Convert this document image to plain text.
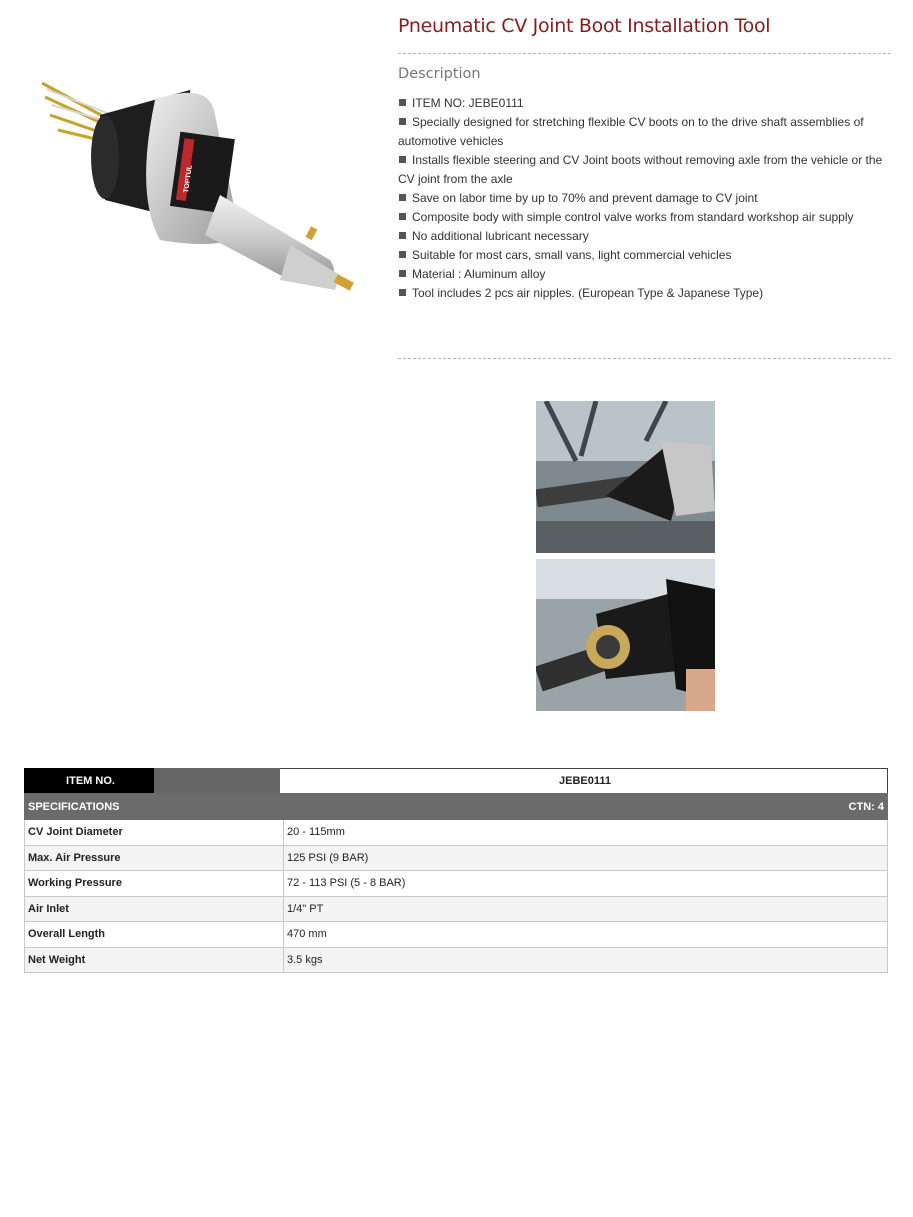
TOPTUL
Pneumatic CV Joint Boot Installation Tool
Description
ITEM NO: JEBE0111
Specially designed for stretching flexible CV boots on to the drive shaft assemblies of automotive vehicles
Installs flexible steering and CV Joint boots without removing axle from the vehicle or the CV joint from the axle
Save on labor time by up to 70% and prevent damage to CV joint
Composite body with simple control valve works from standard workshop air supply
No additional lubricant necessary
Suitable for most cars, small vans, light commercial vehicles
Material : Aluminum alloy
Tool includes 2 pcs air nipples. (European Type & Japanese Type)
ITEM NO.		JEBE0111
SPECIFICATIONS	CTN: 4
CV Joint Diameter	20 - 115mm
Max. Air Pressure	125 PSI (9 BAR)
Working Pressure	72 - 113 PSI (5 - 8 BAR)
Air Inlet	1/4" PT
Overall Length	470 mm
Net Weight	3.5 kgs
